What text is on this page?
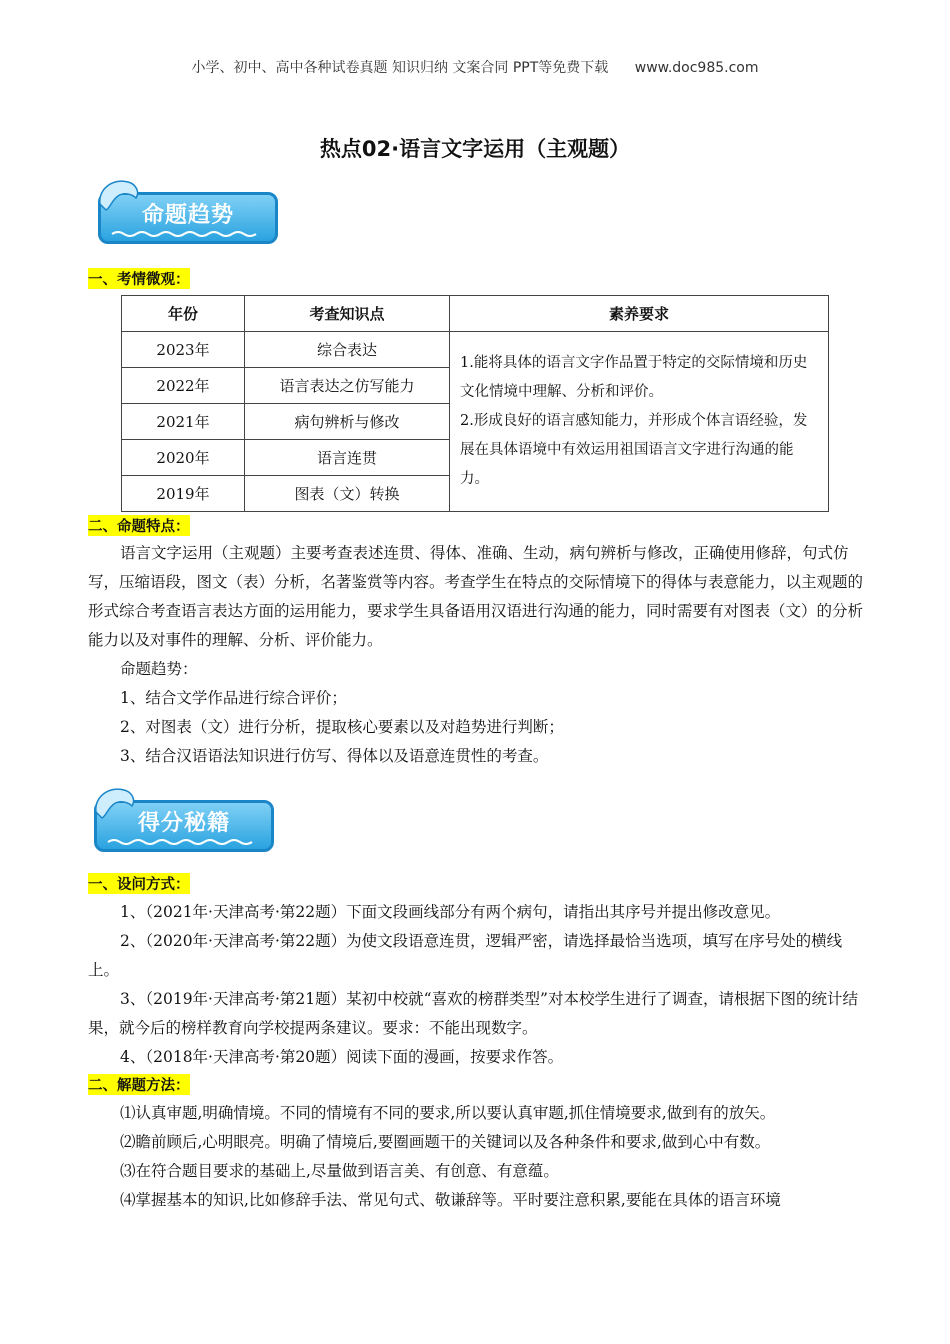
小学、初中、高中各种试卷真题 知识归纳 文案合同 PPT等免费下载 www.doc985.com
热点02·语言文字运用（主观题）
命题趋势
一、考情微观：
年份	考查知识点	素养要求
2023年	综合表达	1.能将具体的语言文字作品置于特定的交际情境和历史文化情境中理解、分析和评价。
2.形成良好的语言感知能力，并形成个体言语经验，发展在具体语境中有效运用祖国语言文字进行沟通的能力。

2022年	语言表达之仿写能力	
2021年	病句辨析与修改	
2020年	语言连贯	
2019年	图表（文）转换	
二、命题特点：

语言文字运用（主观题）主要考查表述连贯、得体、准确、生动，病句辨析与修改，正确使用修辞，句式仿写，压缩语段，图文（表）分析，名著鉴赏等内容。考查学生在特点的交际情境下的得体与表意能力，以主观题的形式综合考查语言表达方面的运用能力，要求学生具备语用汉语进行沟通的能力，同时需要有对图表（文）的分析能力以及对事件的理解、分析、评价能力。

命题趋势：

1、结合文学作品进行综合评价；

2、对图表（文）进行分析，提取核心要素以及对趋势进行判断；

3、结合汉语语法知识进行仿写、得体以及语意连贯性的考查。

得分秘籍
一、设问方式：

1、（2021年·天津高考·第22题）下面文段画线部分有两个病句，请指出其序号并提出修改意见。

2、（2020年·天津高考·第22题）为使文段语意连贯，逻辑严密，请选择最恰当选项，填写在序号处的横线上。

3、（2019年·天津高考·第21题）某初中校就“喜欢的榜群类型”对本校学生进行了调查，请根据下图的统计结果，就今后的榜样教育向学校提两条建议。要求：不能出现数字。

4、（2018年·天津高考·第20题）阅读下面的漫画，按要求作答。

二、解题方法：

⑴认真审题,明确情境。不同的情境有不同的要求,所以要认真审题,抓住情境要求,做到有的放矢。

⑵瞻前顾后,心明眼亮。明确了情境后,要圈画题干的关键词以及各种条件和要求,做到心中有数。

⑶在符合题目要求的基础上,尽量做到语言美、有创意、有意蕴。

⑷掌握基本的知识,比如修辞手法、常见句式、敬谦辞等。平时要注意积累,要能在具体的语言环境
